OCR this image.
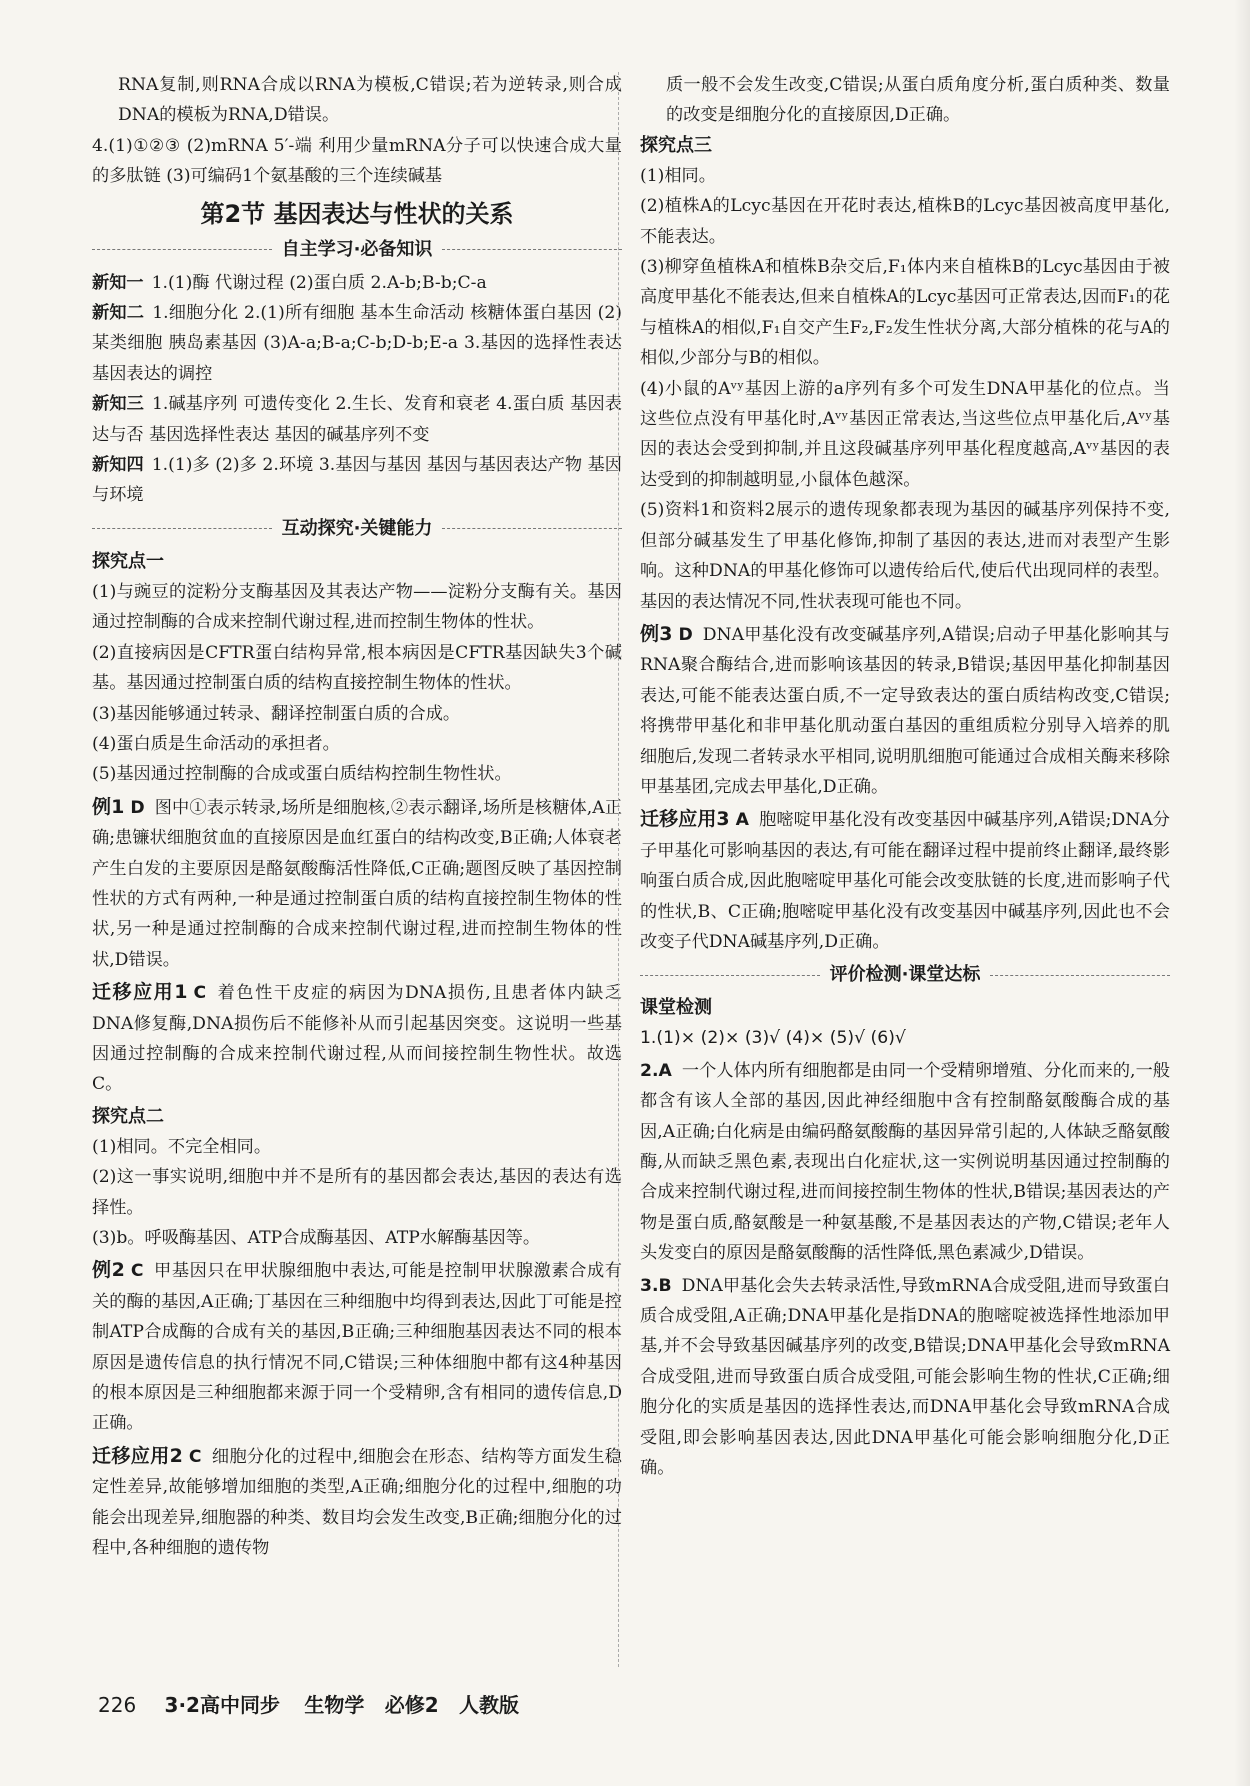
RNA复制,则RNA合成以RNA为模板,C错误;若为逆转录,则合成DNA的模板为RNA,D错误。

4.(1)①②③ (2)mRNA 5′-端 利用少量mRNA分子可以快速合成大量的多肽链 (3)可编码1个氨基酸的三个连续碱基

第2节 基因表达与性状的关系
自主学习·必备知识

新知一 1.(1)酶 代谢过程 (2)蛋白质 2.A-b;B-b;C-a

新知二 1.细胞分化 2.(1)所有细胞 基本生命活动 核糖体蛋白基因 (2)某类细胞 胰岛素基因 (3)A-a;B-a;C-b;D-b;E-a 3.基因的选择性表达 基因表达的调控

新知三 1.碱基序列 可遗传变化 2.生长、发育和衰老 4.蛋白质 基因表达与否 基因选择性表达 基因的碱基序列不变

新知四 1.(1)多 (2)多 2.环境 3.基因与基因 基因与基因表达产物 基因与环境

互动探究·关键能力
探究点一

(1)与豌豆的淀粉分支酶基因及其表达产物——淀粉分支酶有关。基因通过控制酶的合成来控制代谢过程,进而控制生物体的性状。

(2)直接病因是CFTR蛋白结构异常,根本病因是CFTR基因缺失3个碱基。基因通过控制蛋白质的结构直接控制生物体的性状。

(3)基因能够通过转录、翻译控制蛋白质的合成。

(4)蛋白质是生命活动的承担者。

(5)基因通过控制酶的合成或蛋白质结构控制生物性状。

例1 D 图中①表示转录,场所是细胞核,②表示翻译,场所是核糖体,A正确;患镰状细胞贫血的直接原因是血红蛋白的结构改变,B正确;人体衰老产生白发的主要原因是酪氨酸酶活性降低,C正确;题图反映了基因控制性状的方式有两种,一种是通过控制蛋白质的结构直接控制生物体的性状,另一种是通过控制酶的合成来控制代谢过程,进而控制生物体的性状,D错误。

迁移应用1 C 着色性干皮症的病因为DNA损伤,且患者体内缺乏DNA修复酶,DNA损伤后不能修补从而引起基因突变。这说明一些基因通过控制酶的合成来控制代谢过程,从而间接控制生物性状。故选C。

探究点二

(1)相同。不完全相同。

(2)这一事实说明,细胞中并不是所有的基因都会表达,基因的表达有选择性。

(3)b。呼吸酶基因、ATP合成酶基因、ATP水解酶基因等。

例2 C 甲基因只在甲状腺细胞中表达,可能是控制甲状腺激素合成有关的酶的基因,A正确;丁基因在三种细胞中均得到表达,因此丁可能是控制ATP合成酶的合成有关的基因,B正确;三种细胞基因表达不同的根本原因是遗传信息的执行情况不同,C错误;三种体细胞中都有这4种基因的根本原因是三种细胞都来源于同一个受精卵,含有相同的遗传信息,D正确。

迁移应用2 C 细胞分化的过程中,细胞会在形态、结构等方面发生稳定性差异,故能够增加细胞的类型,A正确;细胞分化的过程中,细胞的功能会出现差异,细胞器的种类、数目均会发生改变,B正确;细胞分化的过程中,各种细胞的遗传物

质一般不会发生改变,C错误;从蛋白质角度分析,蛋白质种类、数量的改变是细胞分化的直接原因,D正确。

探究点三

(1)相同。

(2)植株A的Lcyc基因在开花时表达,植株B的Lcyc基因被高度甲基化,不能表达。

(3)柳穿鱼植株A和植株B杂交后,F₁体内来自植株B的Lcyc基因由于被高度甲基化不能表达,但来自植株A的Lcyc基因可正常表达,因而F₁的花与植株A的相似,F₁自交产生F₂,F₂发生性状分离,大部分植株的花与A的相似,少部分与B的相似。

(4)小鼠的Aᵛʸ基因上游的a序列有多个可发生DNA甲基化的位点。当这些位点没有甲基化时,Aᵛʸ基因正常表达,当这些位点甲基化后,Aᵛʸ基因的表达会受到抑制,并且这段碱基序列甲基化程度越高,Aᵛʸ基因的表达受到的抑制越明显,小鼠体色越深。

(5)资料1和资料2展示的遗传现象都表现为基因的碱基序列保持不变,但部分碱基发生了甲基化修饰,抑制了基因的表达,进而对表型产生影响。这种DNA的甲基化修饰可以遗传给后代,使后代出现同样的表型。基因的表达情况不同,性状表现可能也不同。

例3 D DNA甲基化没有改变碱基序列,A错误;启动子甲基化影响其与RNA聚合酶结合,进而影响该基因的转录,B错误;基因甲基化抑制基因表达,可能不能表达蛋白质,不一定导致表达的蛋白质结构改变,C错误;将携带甲基化和非甲基化肌动蛋白基因的重组质粒分别导入培养的肌细胞后,发现二者转录水平相同,说明肌细胞可能通过合成相关酶来移除甲基基团,完成去甲基化,D正确。

迁移应用3 A 胞嘧啶甲基化没有改变基因中碱基序列,A错误;DNA分子甲基化可影响基因的表达,有可能在翻译过程中提前终止翻译,最终影响蛋白质合成,因此胞嘧啶甲基化可能会改变肽链的长度,进而影响子代的性状,B、C正确;胞嘧啶甲基化没有改变基因中碱基序列,因此也不会改变子代DNA碱基序列,D正确。

评价检测·课堂达标
课堂检测

1.(1)× (2)× (3)√ (4)× (5)√ (6)√

2.A 一个人体内所有细胞都是由同一个受精卵增殖、分化而来的,一般都含有该人全部的基因,因此神经细胞中含有控制酪氨酸酶合成的基因,A正确;白化病是由编码酪氨酸酶的基因异常引起的,人体缺乏酪氨酸酶,从而缺乏黑色素,表现出白化症状,这一实例说明基因通过控制酶的合成来控制代谢过程,进而间接控制生物体的性状,B错误;基因表达的产物是蛋白质,酪氨酸是一种氨基酸,不是基因表达的产物,C错误;老年人头发变白的原因是酪氨酸酶的活性降低,黑色素减少,D错误。

3.B DNA甲基化会失去转录活性,导致mRNA合成受阻,进而导致蛋白质合成受阻,A正确;DNA甲基化是指DNA的胞嘧啶被选择性地添加甲基,并不会导致基因碱基序列的改变,B错误;DNA甲基化会导致mRNA合成受阻,进而导致蛋白质合成受阻,可能会影响生物的性状,C正确;细胞分化的实质是基因的选择性表达,而DNA甲基化会导致mRNA合成受阻,即会影响基因表达,因此DNA甲基化可能会影响细胞分化,D正确。

226 3·2高中同步 生物学 必修2 人教版
